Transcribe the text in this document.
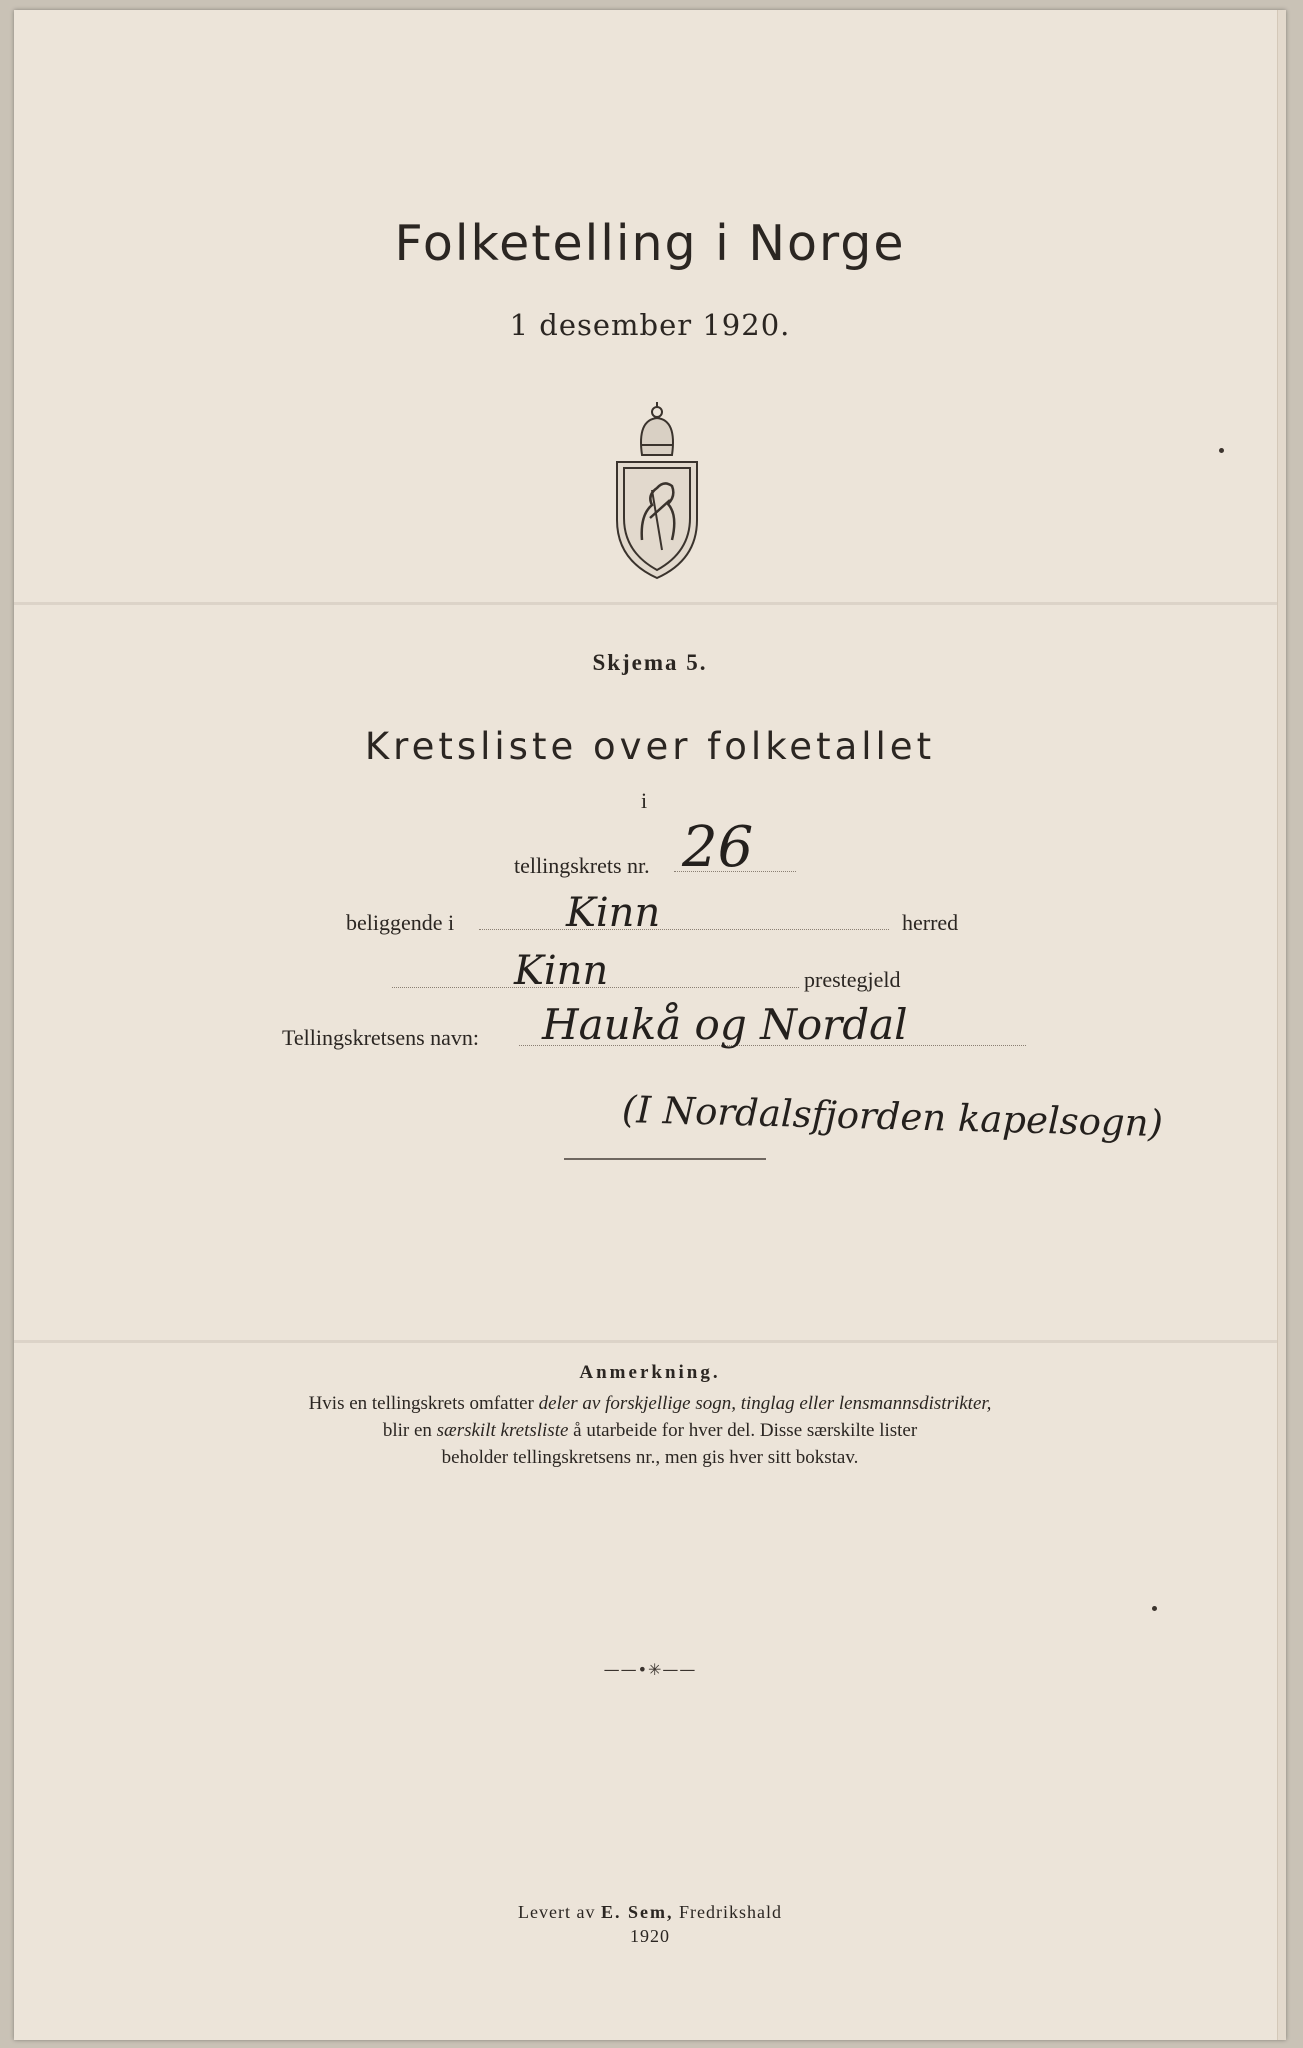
Folketelling i Norge
1 desember 1920.
Skjema 5.
Kretsliste over folketallet
i
tellingskrets nr. 26
beliggende i	Kinn	herred
Kinn	prestegjeld
Tellingskretsens navn: Haukå og Nordal
(I Nordalsfjorden kapelsogn)
Anmerkning.
Hvis en tellingskrets omfatter deler av forskjellige sogn, tinglag eller lensmannsdistrikter,
blir en særskilt kretsliste å utarbeide for hver del. Disse særskilte lister
beholder tellingskretsens nr., men gis hver sitt bokstav.
——•✳——
Levert av E. Sem, Fredrikshald
1920
